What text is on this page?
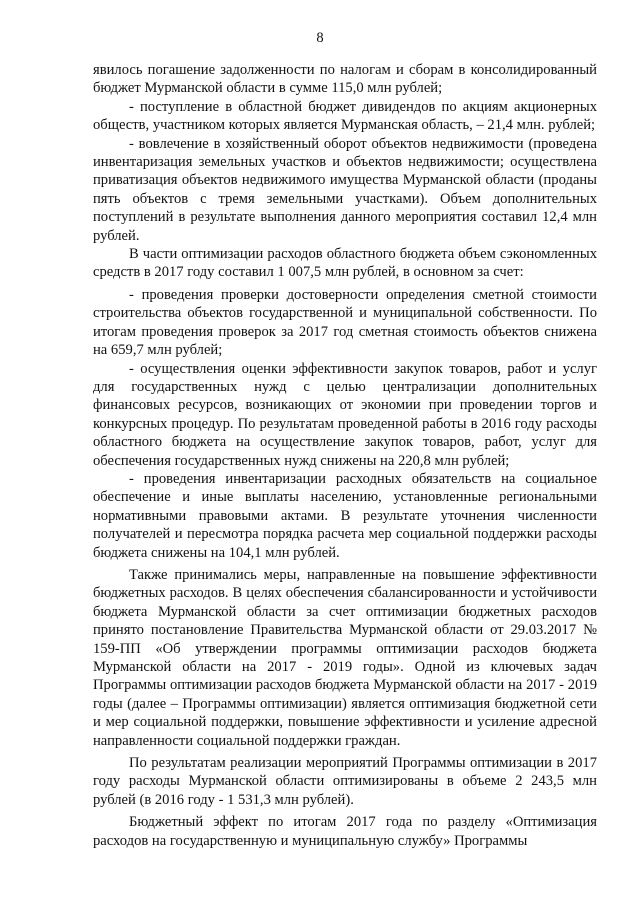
8

явилось погашение задолженности по налогам и сборам в консолидированный бюджет Мурманской области в сумме 115,0 млн рублей;

- поступление в областной бюджет дивидендов по акциям акционерных обществ, участником которых является Мурманская область, – 21,4 млн. рублей;

- вовлечение в хозяйственный оборот объектов недвижимости (проведена инвентаризация земельных участков и объектов недвижимости; осуществлена приватизация объектов недвижимого имущества Мурманской области (проданы пять объектов с тремя земельными участками). Объем дополнительных поступлений в результате выполнения данного мероприятия составил 12,4 млн рублей.

В части оптимизации расходов областного бюджета объем сэкономленных средств в 2017 году составил 1 007,5 млн рублей, в основном за счет:

- проведения проверки достоверности определения сметной стоимости строительства объектов государственной и муниципальной собственности. По итогам проведения проверок за 2017 год сметная стоимость объектов снижена на 659,7 млн рублей;

- осуществления оценки эффективности закупок товаров, работ и услуг для государственных нужд с целью централизации дополнительных финансовых ресурсов, возникающих от экономии при проведении торгов и конкурсных процедур. По результатам проведенной работы в 2016 году расходы областного бюджета на осуществление закупок товаров, работ, услуг для обеспечения государственных нужд снижены на 220,8 млн рублей;

- проведения инвентаризации расходных обязательств на социальное обеспечение и иные выплаты населению, установленные региональными нормативными правовыми актами. В результате уточнения численности получателей и пересмотра порядка расчета мер социальной поддержки расходы бюджета снижены на 104,1 млн рублей.

Также принимались меры, направленные на повышение эффективности бюджетных расходов. В целях обеспечения сбалансированности и устойчивости бюджета Мурманской области за счет оптимизации бюджетных расходов принято постановление Правительства Мурманской области от 29.03.2017 № 159-ПП «Об утверждении программы оптимизации расходов бюджета Мурманской области на 2017 - 2019 годы». Одной из ключевых задач Программы оптимизации расходов бюджета Мурманской области на 2017 - 2019 годы (далее – Программы оптимизации) является оптимизация бюджетной сети и мер социальной поддержки, повышение эффективности и усиление адресной направленности социальной поддержки граждан.

По результатам реализации мероприятий Программы оптимизации в 2017 году расходы Мурманской области оптимизированы в объеме 2 243,5 млн рублей (в 2016 году - 1 531,3 млн рублей).

Бюджетный эффект по итогам 2017 года по разделу «Оптимизация расходов на государственную и муниципальную службу» Программы
